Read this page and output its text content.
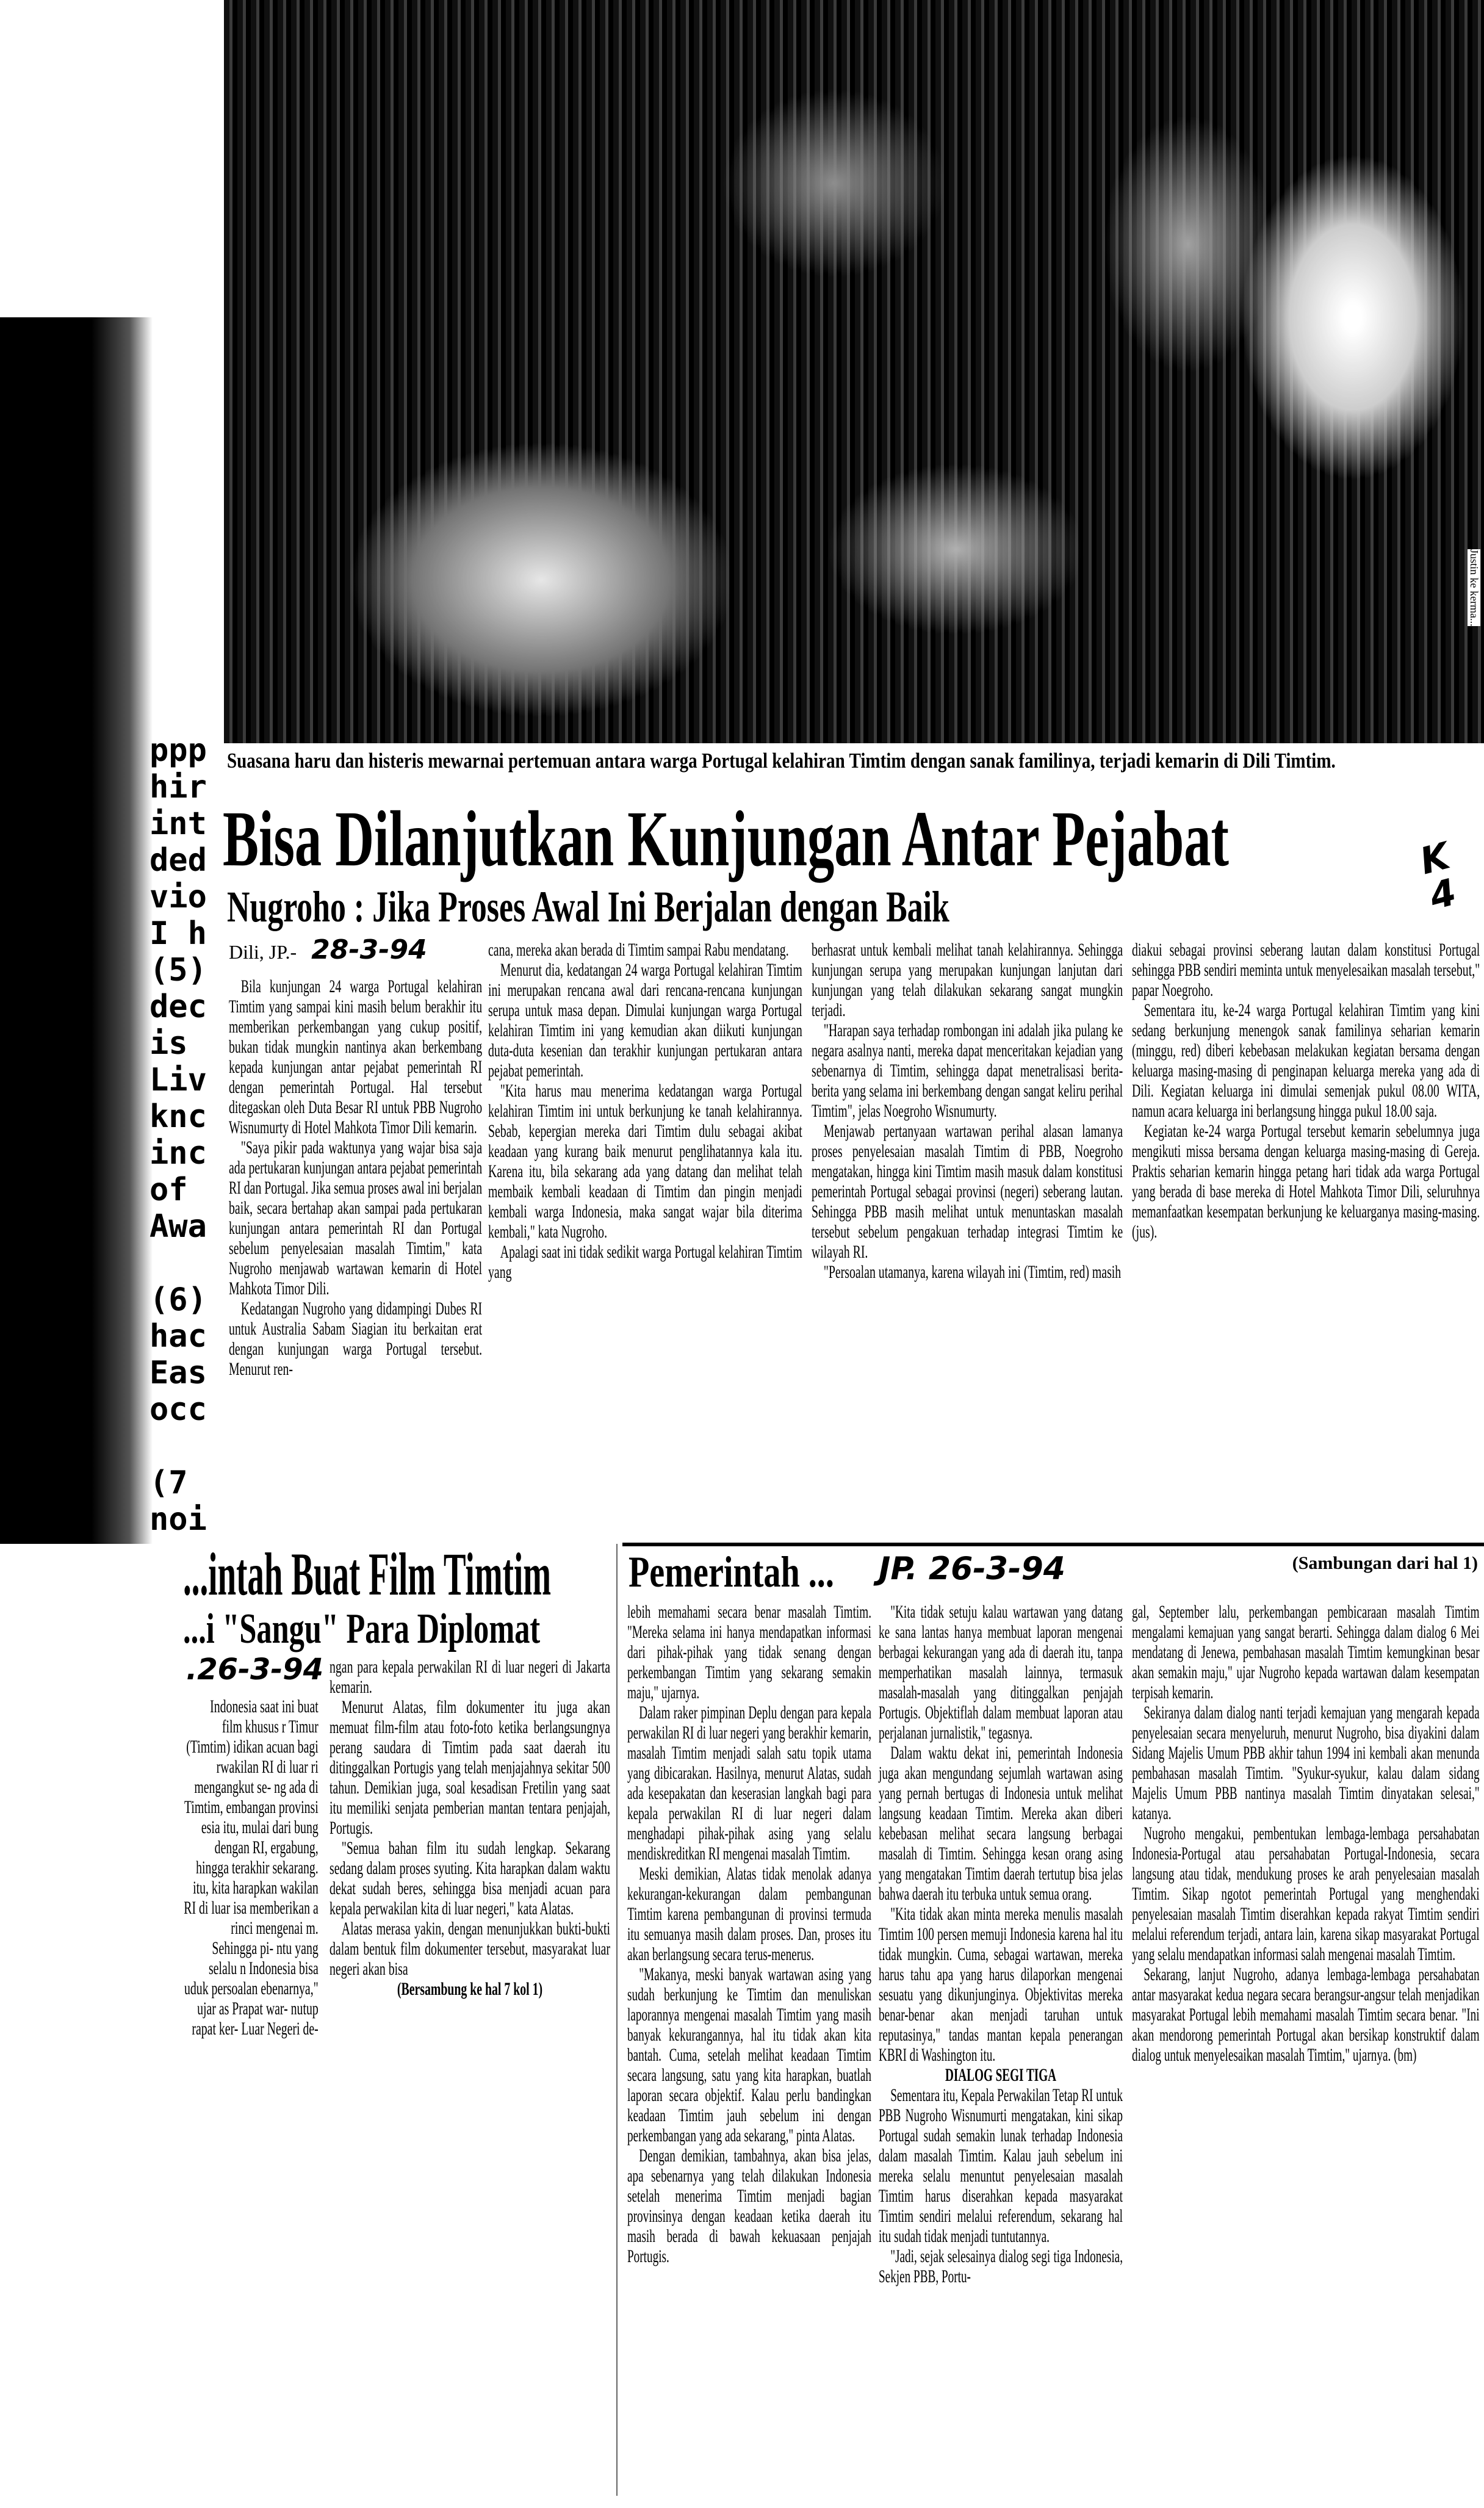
Justin ke kerma...
ppp
hir
int
ded
vio
I h
(5)
dec
is
Liv
knc
inc
of
Awa

(6)
hac
Eas
occ

(7
noi
Suasana haru dan histeris mewarnai pertemuan antara warga Portugal kelahiran Timtim dengan sanak familinya, terjadi kemarin di Dili Timtim.
Bisa Dilanjutkan Kunjungan Antar Pejabat	K 4
Nugroho : Jika Proses Awal Ini Berjalan dengan Baik
Dili, JP.- 28-3-94

Bila kunjungan 24 warga Portugal kelahiran Timtim yang sampai kini masih belum berakhir itu memberikan perkembangan yang cukup positif, bukan tidak mungkin nantinya akan berkembang kepada kunjungan antar pejabat pemerintah RI dengan pemerintah Portugal. Hal tersebut ditegaskan oleh Duta Besar RI untuk PBB Nugroho Wisnumurty di Hotel Mahkota Timor Dili kemarin.

"Saya pikir pada waktunya yang wajar bisa saja ada pertukaran kunjungan antara pejabat pemerintah RI dan Portugal. Jika semua proses awal ini berjalan baik, secara bertahap akan sampai pada pertukaran kunjungan antara pemerintah RI dan Portugal sebelum penyelesaian masalah Timtim," kata Nugroho menjawab wartawan kemarin di Hotel Mahkota Timor Dili.

Kedatangan Nugroho yang didampingi Dubes RI untuk Australia Sabam Siagian itu berkaitan erat dengan kunjungan warga Portugal tersebut. Menurut ren-

cana, mereka akan berada di Timtim sampai Rabu mendatang.

Menurut dia, kedatangan 24 warga Portugal kelahiran Timtim ini merupakan rencana awal dari rencana-rencana kunjungan serupa untuk masa depan. Dimulai kunjungan warga Portugal kelahiran Timtim ini yang kemudian akan diikuti kunjungan duta-duta kesenian dan terakhir kunjungan pertukaran antara pejabat pemerintah.

"Kita harus mau menerima kedatangan warga Portugal kelahiran Timtim ini untuk berkunjung ke tanah kelahirannya. Sebab, kepergian mereka dari Timtim dulu sebagai akibat keadaan yang kurang baik menurut penglihatannya kala itu. Karena itu, bila sekarang ada yang datang dan melihat telah membaik kembali keadaan di Timtim dan pingin menjadi kembali warga Indonesia, maka sangat wajar bila diterima kembali," kata Nugroho.

Apalagi saat ini tidak sedikit warga Portugal kelahiran Timtim yang

berhasrat untuk kembali melihat tanah kelahirannya. Sehingga kunjungan serupa yang merupakan kunjungan lanjutan dari kunjungan yang telah dilakukan sekarang sangat mungkin terjadi.

"Harapan saya terhadap rombongan ini adalah jika pulang ke negara asalnya nanti, mereka dapat menceritakan kejadian yang sebenarnya di Timtim, sehingga dapat menetralisasi berita-berita yang selama ini berkembang dengan sangat keliru perihal Timtim", jelas Noegroho Wisnumurty.

Menjawab pertanyaan wartawan perihal alasan lamanya proses penyelesaian masalah Timtim di PBB, Noegroho mengatakan, hingga kini Timtim masih masuk dalam konstitusi pemerintah Portugal sebagai provinsi (negeri) seberang lautan. Sehingga PBB masih melihat untuk menuntaskan masalah tersebut sebelum pengakuan terhadap integrasi Timtim ke wilayah RI.

"Persoalan utamanya, karena wilayah ini (Timtim, red) masih

diakui sebagai provinsi seberang lautan dalam konstitusi Portugal sehingga PBB sendiri meminta untuk menyelesaikan masalah tersebut," papar Noegroho.

Sementara itu, ke-24 warga Portugal kelahiran Timtim yang kini sedang berkunjung menengok sanak familinya seharian kemarin (minggu, red) diberi kebebasan melakukan kegiatan bersama dengan keluarga masing-masing di penginapan keluarga mereka yang ada di Dili. Kegiatan keluarga ini dimulai semenjak pukul 08.00 WITA, namun acara keluarga ini berlangsung hingga pukul 18.00 saja.

Kegiatan ke-24 warga Portugal tersebut kemarin sebelumnya juga mengikuti missa bersama dengan keluarga masing-masing di Gereja. Praktis seharian kemarin hingga petang hari tidak ada warga Portugal yang berada di base mereka di Hotel Mahkota Timor Dili, seluruhnya memanfaatkan kesempatan berkunjung ke keluarganya masing-masing. (jus).

...intah Buat Film Timtim
...i "Sangu" Para Diplomat
.26-3-94

Indonesia saat ini buat film khusus r Timur (Timtim) idikan acuan bagi rwakilan RI di luar ri mengangkut se- ng ada di Timtim, embangan provinsi esia itu, mulai dari bung dengan RI, ergabung, hingga terakhir sekarang. itu, kita harapkan wakilan RI di luar isa memberikan a rinci mengenai m. Sehingga pi- ntu yang selalu n Indonesia bisa uduk persoalan ebenarnya," ujar as Prapat war- nutup rapat ker- Luar Negeri de-

ngan para kepala perwakilan RI di luar negeri di Jakarta kemarin.

Menurut Alatas, film dokumenter itu juga akan memuat film-film atau foto-foto ketika berlangsungnya perang saudara di Timtim pada saat daerah itu ditinggalkan Portugis yang telah menjajahnya sekitar 500 tahun. Demikian juga, soal kesadisan Fretilin yang saat itu memiliki senjata pemberian mantan tentara penjajah, Portugis.

"Semua bahan film itu sudah lengkap. Sekarang sedang dalam proses syuting. Kita harapkan dalam waktu dekat sudah beres, sehingga bisa menjadi acuan para kepala perwakilan kita di luar negeri," kata Alatas.

Alatas merasa yakin, dengan menunjukkan bukti-bukti dalam bentuk film dokumenter tersebut, masyarakat luar negeri akan bisa

(Bersambung ke hal 7 kol 1)

Pemerintah ... JP. 26-3-94	(Sambungan dari hal 1)

lebih memahami secara benar masalah Timtim. "Mereka selama ini hanya mendapatkan informasi dari pihak-pihak yang tidak senang dengan perkembangan Timtim yang sekarang semakin maju," ujarnya.

Dalam raker pimpinan Deplu dengan para kepala perwakilan RI di luar negeri yang berakhir kemarin, masalah Timtim menjadi salah satu topik utama yang dibicarakan. Hasilnya, menurut Alatas, sudah ada kesepakatan dan keserasian langkah bagi para kepala perwakilan RI di luar negeri dalam menghadapi pihak-pihak asing yang selalu mendiskreditkan RI mengenai masalah Timtim.

Meski demikian, Alatas tidak menolak adanya kekurangan-kekurangan dalam pembangunan Timtim karena pembangunan di provinsi termuda itu semuanya masih dalam proses. Dan, proses itu akan berlangsung secara terus-menerus.

"Makanya, meski banyak wartawan asing yang sudah berkunjung ke Timtim dan menuliskan laporannya mengenai masalah Timtim yang masih banyak kekurangannya, hal itu tidak akan kita bantah. Cuma, setelah melihat keadaan Timtim secara langsung, satu yang kita harapkan, buatlah laporan secara objektif. Kalau perlu bandingkan keadaan Timtim jauh sebelum ini dengan perkembangan yang ada sekarang," pinta Alatas.

Dengan demikian, tambahnya, akan bisa jelas, apa sebenarnya yang telah dilakukan Indonesia setelah menerima Timtim menjadi bagian provinsinya dengan keadaan ketika daerah itu masih berada di bawah kekuasaan penjajah Portugis.

"Kita tidak setuju kalau wartawan yang datang ke sana lantas hanya membuat laporan mengenai berbagai kekurangan yang ada di daerah itu, tanpa memperhatikan masalah lainnya, termasuk masalah-masalah yang ditinggalkan penjajah Portugis. Objektiflah dalam membuat laporan atau perjalanan jurnalistik," tegasnya.

Dalam waktu dekat ini, pemerintah Indonesia juga akan mengundang sejumlah wartawan asing yang pernah bertugas di Indonesia untuk melihat langsung keadaan Timtim. Mereka akan diberi kebebasan melihat secara langsung berbagai masalah di Timtim. Sehingga kesan orang asing yang mengatakan Timtim daerah tertutup bisa jelas bahwa daerah itu terbuka untuk semua orang.

"Kita tidak akan minta mereka menulis masalah Timtim 100 persen memuji Indonesia karena hal itu tidak mungkin. Cuma, sebagai wartawan, mereka harus tahu apa yang harus dilaporkan mengenai sesuatu yang dikunjunginya. Objektivitas mereka benar-benar akan menjadi taruhan untuk reputasinya," tandas mantan kepala penerangan KBRI di Washington itu.

DIALOG SEGI TIGA

Sementara itu, Kepala Perwakilan Tetap RI untuk PBB Nugroho Wisnumurti mengatakan, kini sikap Portugal sudah semakin lunak terhadap Indonesia dalam masalah Timtim. Kalau jauh sebelum ini mereka selalu menuntut penyelesaian masalah Timtim harus diserahkan kepada masyarakat Timtim sendiri melalui referendum, sekarang hal itu sudah tidak menjadi tuntutannya.

"Jadi, sejak selesainya dialog segi tiga Indonesia, Sekjen PBB, Portu-

gal, September lalu, perkembangan pembicaraan masalah Timtim mengalami kemajuan yang sangat berarti. Sehingga dalam dialog 6 Mei mendatang di Jenewa, pembahasan masalah Timtim kemungkinan besar akan semakin maju," ujar Nugroho kepada wartawan dalam kesempatan terpisah kemarin.

Sekiranya dalam dialog nanti terjadi kemajuan yang mengarah kepada penyelesaian secara menyeluruh, menurut Nugroho, bisa diyakini dalam Sidang Majelis Umum PBB akhir tahun 1994 ini kembali akan menunda pembahasan masalah Timtim. "Syukur-syukur, kalau dalam sidang Majelis Umum PBB nantinya masalah Timtim dinyatakan selesai," katanya.

Nugroho mengakui, pembentukan lembaga-lembaga persahabatan Indonesia-Portugal atau persahabatan Portugal-Indonesia, secara langsung atau tidak, mendukung proses ke arah penyelesaian masalah Timtim. Sikap ngotot pemerintah Portugal yang menghendaki penyelesaian masalah Timtim diserahkan kepada rakyat Timtim sendiri melalui referendum terjadi, antara lain, karena sikap masyarakat Portugal yang selalu mendapatkan informasi salah mengenai masalah Timtim.

Sekarang, lanjut Nugroho, adanya lembaga-lembaga persahabatan antar masyarakat kedua negara secara berangsur-angsur telah menjadikan masyarakat Portugal lebih memahami masalah Timtim secara benar. "Ini akan mendorong pemerintah Portugal akan bersikap konstruktif dalam dialog untuk menyelesaikan masalah Timtim," ujarnya. (bm)
